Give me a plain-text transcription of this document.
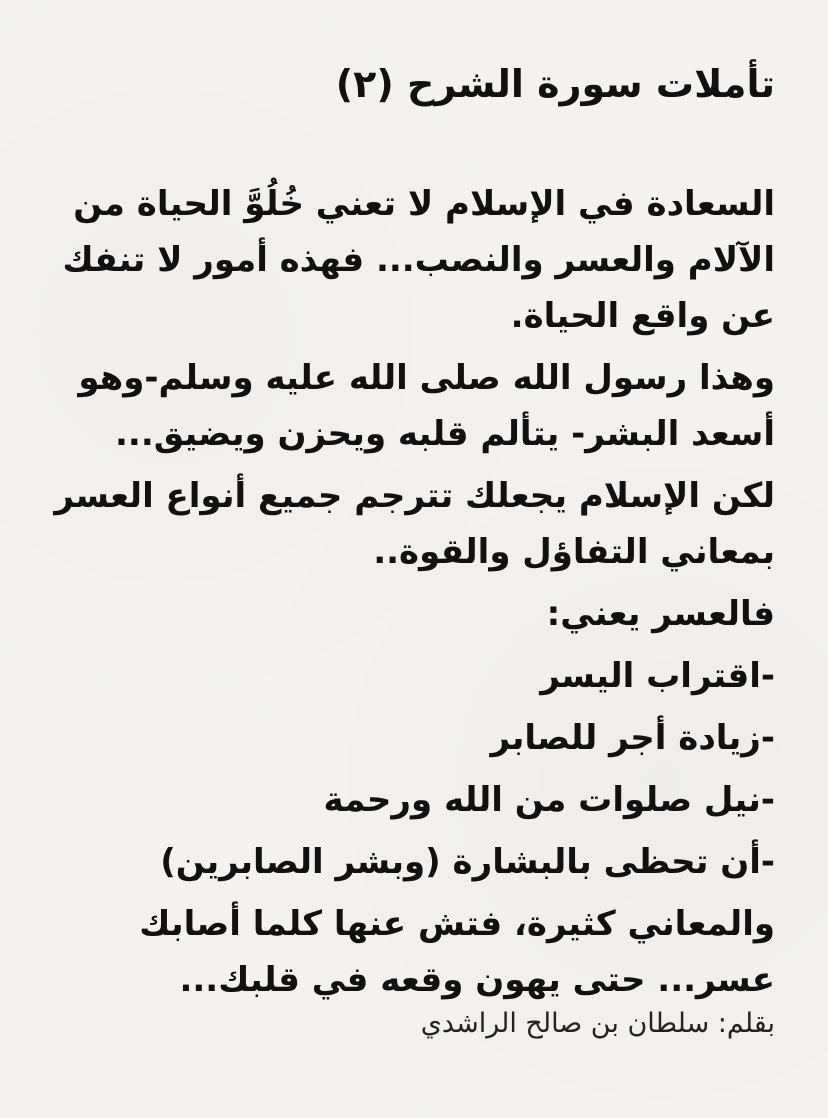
تأملات سورة الشرح (٢)

السعادة في الإسلام لا تعني خُلُوَّ الحياة من
الآلام والعسر والنصب... فهذه أمور لا تنفك
عن واقع الحياة.

وهذا رسول الله صلى الله عليه وسلم-وهو
أسعد البشر- يتألم قلبه ويحزن ويضيق...

لكن الإسلام يجعلك تترجم جميع أنواع العسر
بمعاني التفاؤل والقوة..

فالعسر يعني:

-اقتراب اليسر

-زيادة أجر للصابر

-نيل صلوات من الله ورحمة

-أن تحظى بالبشارة (وبشر الصابرين)

والمعاني كثيرة، فتش عنها كلما أصابك
عسر... حتى يهون وقعه في قلبك...

بقلم: سلطان بن صالح الراشدي
